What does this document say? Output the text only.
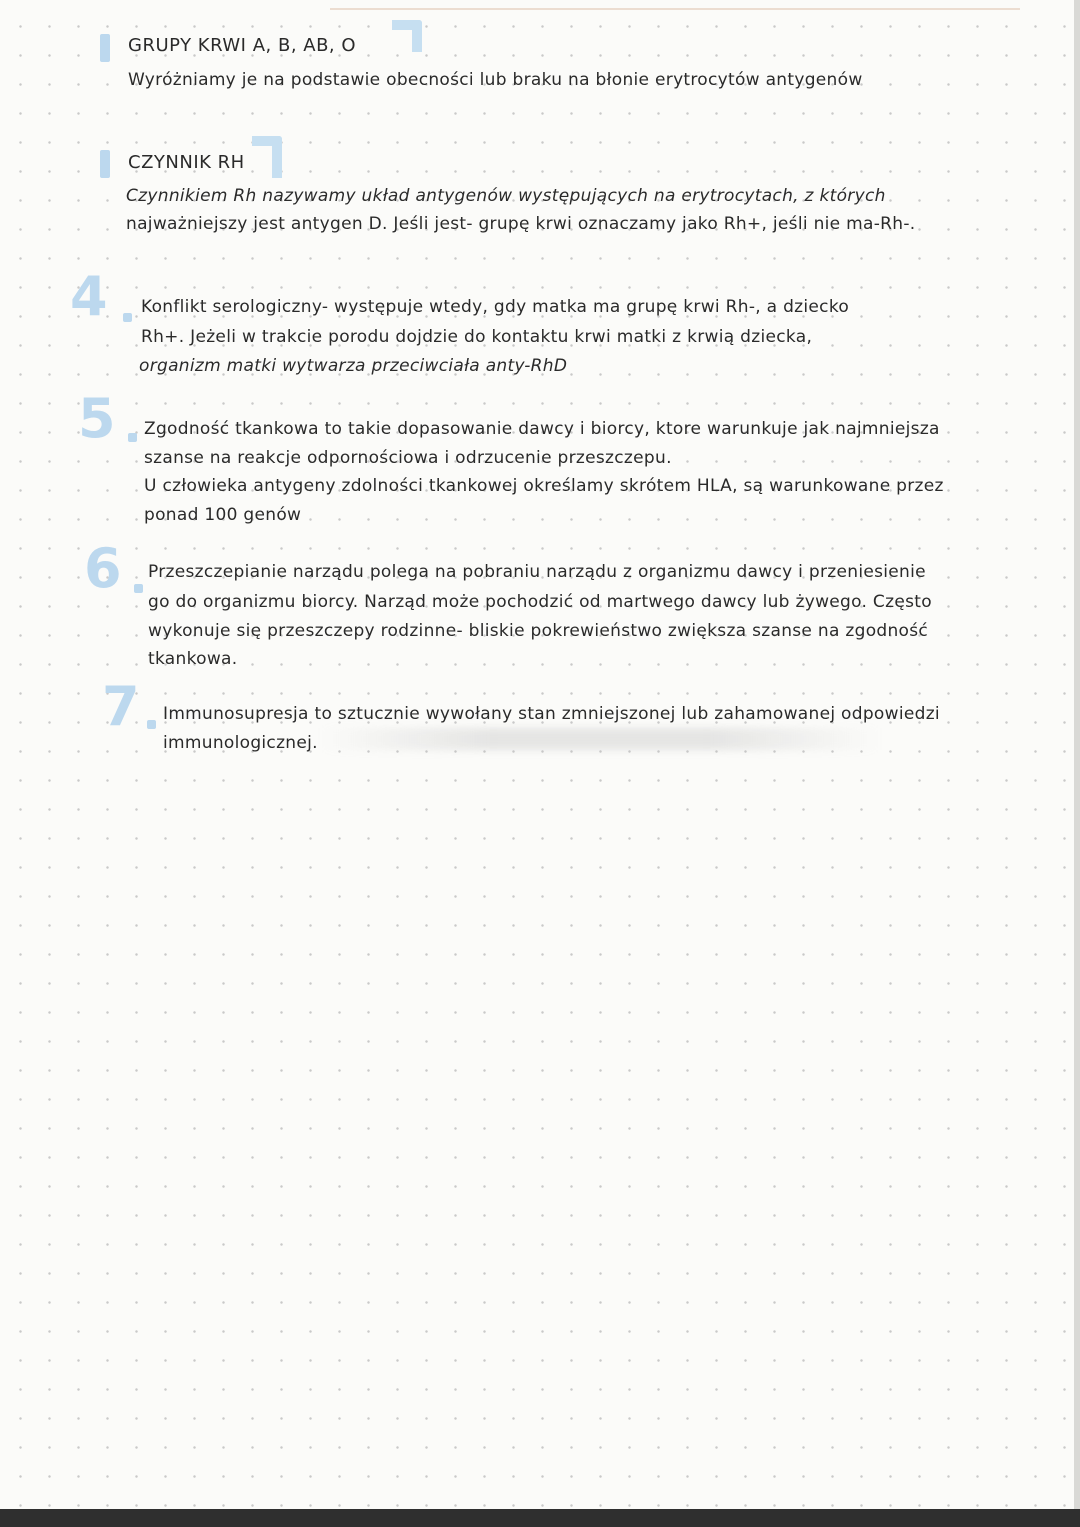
GRUPY KRWI A, B, AB, O
Wyróżniamy je na podstawie obecności lub braku na błonie erytrocytów antygenów
CZYNNIK RH
Czynnikiem Rh nazywamy układ antygenów występujących na erytrocytach, z których
najważniejszy jest antygen D. Jeśli jest- grupę krwi oznaczamy jako Rh+, jeśli nie ma-Rh-.
4 Konflikt serologiczny- występuje wtedy, gdy matka ma grupę krwi Rh-, a dziecko
Rh+. Jeżeli w trakcie porodu dojdzie do kontaktu krwi matki z krwią dziecka,
organizm matki wytwarza przeciwciała anty-RhD
5 Zgodność tkankowa to takie dopasowanie dawcy i biorcy, ktore warunkuje jak najmniejsza
szanse na reakcje odpornościowa i odrzucenie przeszczepu.
U człowieka antygeny zdolności tkankowej określamy skrótem HLA, są warunkowane przez
ponad 100 genów
6 Przeszczepianie narządu polega na pobraniu narządu z organizmu dawcy i przeniesienie
go do organizmu biorcy. Narząd może pochodzić od martwego dawcy lub żywego. Często
wykonuje się przeszczepy rodzinne- bliskie pokrewieństwo zwiększa szanse na zgodność
tkankowa.
7 Immunosupresja to sztucznie wywołany stan zmniejszonej lub zahamowanej odpowiedzi
immunologicznej.
